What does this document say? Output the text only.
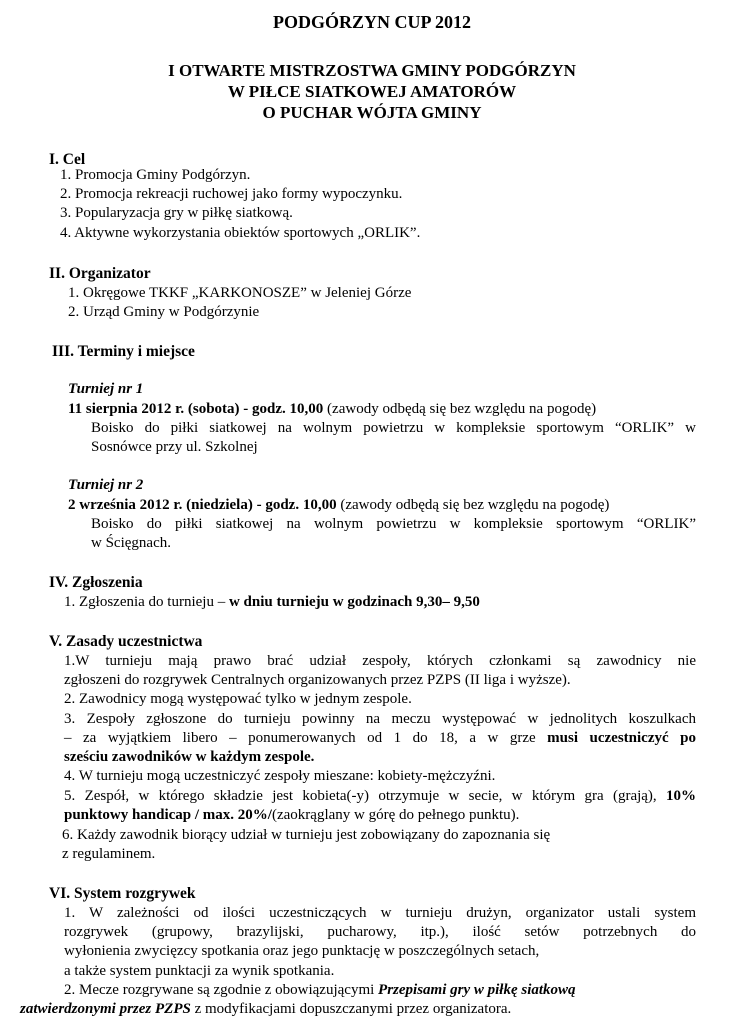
PODGÓRZYN CUP 2012
I OTWARTE MISTRZOSTWA GMINY PODGÓRZYN
W PIŁCE SIATKOWEJ AMATORÓW
O PUCHAR WÓJTA GMINY
I. Cel
1. Promocja Gminy Podgórzyn.
2. Promocja rekreacji ruchowej jako formy wypoczynku.
3. Popularyzacja gry w piłkę siatkową.
4. Aktywne wykorzystania obiektów sportowych „ORLIK”.
II. Organizator
1. Okręgowe TKKF „KARKONOSZE” w Jeleniej Górze
2. Urząd Gminy w Podgórzynie
III. Terminy i miejsce
Turniej nr 1
11 sierpnia 2012 r. (sobota) - godz. 10,00 (zawody odbędą się bez względu na pogodę)
Boisko do piłki siatkowej na wolnym powietrzu w kompleksie sportowym “ORLIK” w
Sosnówce przy ul. Szkolnej
Turniej nr 2
2 września 2012 r. (niedziela) - godz. 10,00 (zawody odbędą się bez względu na pogodę)
Boisko do piłki siatkowej na wolnym powietrzu w kompleksie sportowym “ORLIK”
w Ścięgnach.
IV. Zgłoszenia
1. Zgłoszenia do turnieju – w dniu turnieju w godzinach 9,30– 9,50
V. Zasady uczestnictwa
1.W turnieju mają prawo brać udział zespoły, których członkami są zawodnicy nie
zgłoszeni do rozgrywek Centralnych organizowanych przez PZPS (II liga i wyższe).
2. Zawodnicy mogą występować tylko w jednym zespole.
3. Zespoły zgłoszone do turnieju powinny na meczu występować w jednolitych koszulkach
– za wyjątkiem libero – ponumerowanych od 1 do 18, a w grze musi uczestniczyć po
sześciu zawodników w każdym zespole.
4. W turnieju mogą uczestniczyć zespoły mieszane: kobiety-mężczyźni.
5. Zespół, w którego składzie jest kobieta(-y) otrzymuje w secie, w którym gra (grają), 10%
punktowy handicap / max. 20%/(zaokrąglany w górę do pełnego punktu).
6. Każdy zawodnik biorący udział w turnieju jest zobowiązany do zapoznania się
z regulaminem.
VI. System rozgrywek
1. W zależności od ilości uczestniczących w turnieju drużyn, organizator ustali system
rozgrywek (grupowy, brazylijski, pucharowy, itp.), ilość setów potrzebnych do
wyłonienia zwycięzcy spotkania oraz jego punktację w poszczególnych setach,
a także system punktacji za wynik spotkania.
2. Mecze rozgrywane są zgodnie z obowiązującymi Przepisami gry w piłkę siatkową
zatwierdzonymi przez PZPS z modyfikacjami dopuszczanymi przez organizatora.
